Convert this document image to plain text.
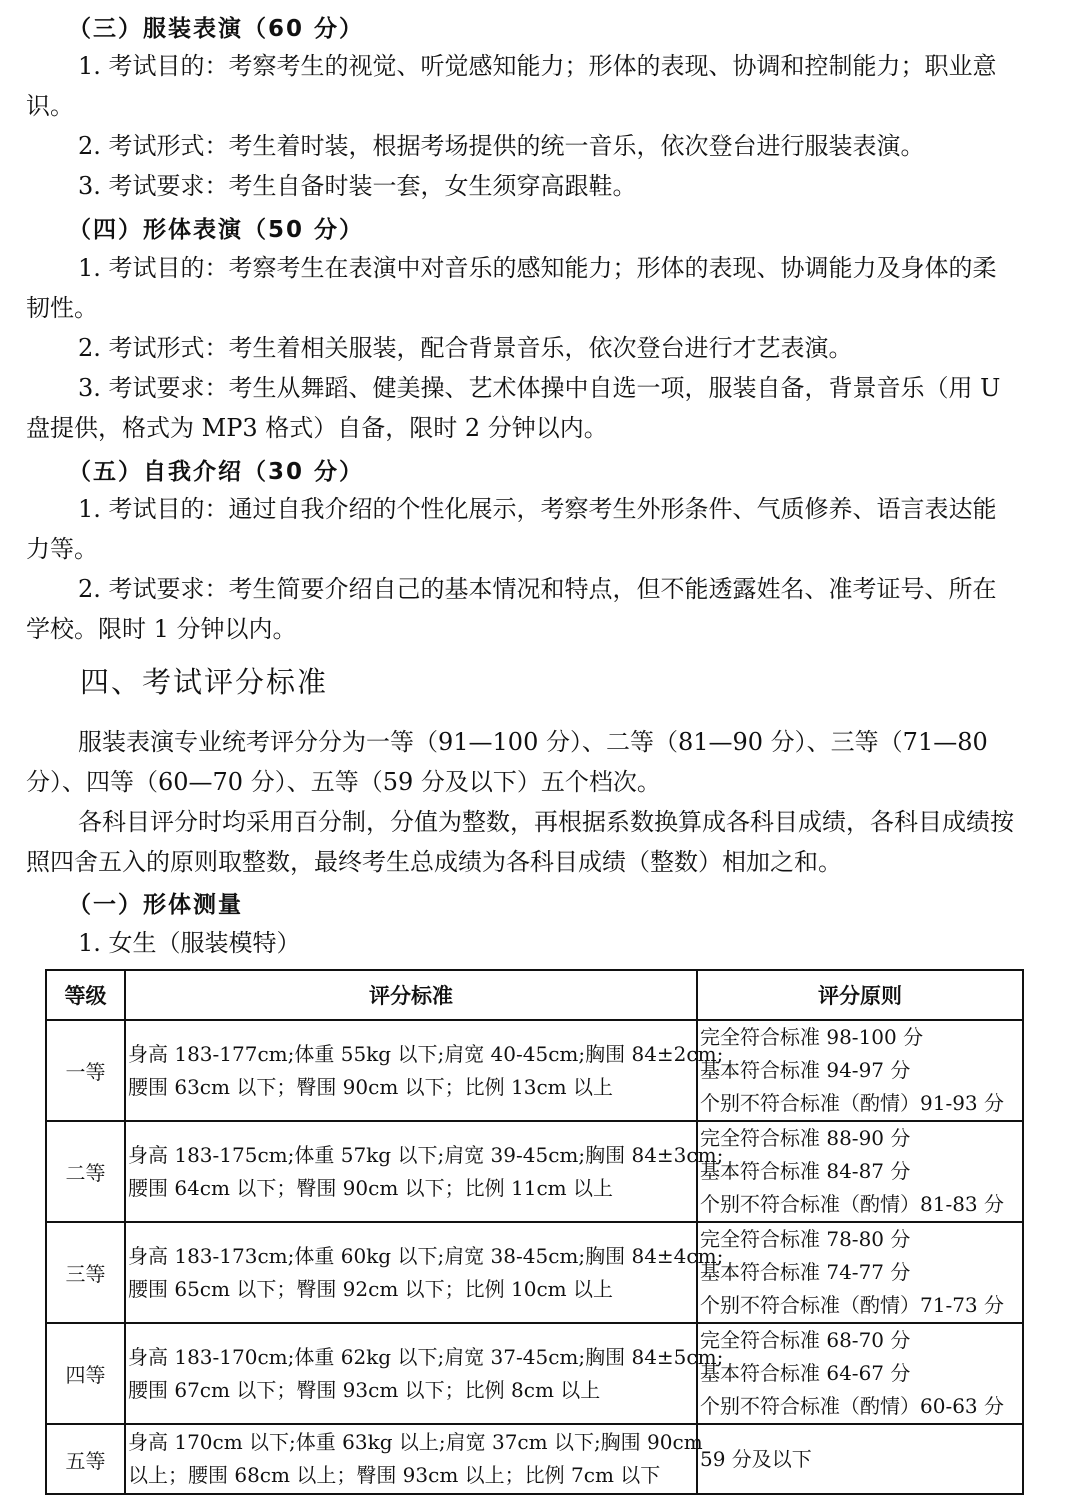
（三）服装表演（60 分）

1. 考试目的：考察考生的视觉、听觉感知能力；形体的表现、协调和控制能力；职业意识。

2. 考试形式：考生着时装，根据考场提供的统一音乐，依次登台进行服装表演。

3. 考试要求：考生自备时装一套，女生须穿高跟鞋。

（四）形体表演（50 分）

1. 考试目的：考察考生在表演中对音乐的感知能力；形体的表现、协调能力及身体的柔韧性。

2. 考试形式：考生着相关服装，配合背景音乐，依次登台进行才艺表演。

3. 考试要求：考生从舞蹈、健美操、艺术体操中自选一项，服装自备，背景音乐（用 U 盘提供，格式为 MP3 格式）自备，限时 2 分钟以内。

（五）自我介绍（30 分）

1. 考试目的：通过自我介绍的个性化展示，考察考生外形条件、气质修养、语言表达能力等。

2. 考试要求：考生简要介绍自己的基本情况和特点，但不能透露姓名、准考证号、所在学校。限时 1 分钟以内。

四、考试评分标准

服装表演专业统考评分分为一等（91—100 分）、二等（81—90 分）、三等（71—80 分）、四等（60—70 分）、五等（59 分及以下）五个档次。

各科目评分时均采用百分制，分值为整数，再根据系数换算成各科目成绩，各科目成绩按照四舍五入的原则取整数，最终考生总成绩为各科目成绩（整数）相加之和。

（一）形体测量

1. 女生（服装模特）

等级	评分标准	评分原则
一等	身高 183-177cm;体重 55kg 以下;肩宽 40-45cm;胸围 84±2cm;
腰围 63cm 以下；臀围 90cm 以下；比例 13cm 以上	完全符合标准 98-100 分
基本符合标准 94-97 分
个别不符合标准（酌情）91-93 分

二等	身高 183-175cm;体重 57kg 以下;肩宽 39-45cm;胸围 84±3cm;
腰围 64cm 以下；臀围 90cm 以下；比例 11cm 以上	完全符合标准 88-90 分
基本符合标准 84-87 分
个别不符合标准（酌情）81-83 分

三等	身高 183-173cm;体重 60kg 以下;肩宽 38-45cm;胸围 84±4cm;
腰围 65cm 以下；臀围 92cm 以下；比例 10cm 以上	完全符合标准 78-80 分
基本符合标准 74-77 分
个别不符合标准（酌情）71-73 分

四等	身高 183-170cm;体重 62kg 以下;肩宽 37-45cm;胸围 84±5cm;
腰围 67cm 以下；臀围 93cm 以下；比例 8cm 以上	完全符合标准 68-70 分
基本符合标准 64-67 分
个别不符合标准（酌情）60-63 分

五等	身高 170cm 以下;体重 63kg 以上;肩宽 37cm 以下;胸围 90cm
以上；腰围 68cm 以上；臀围 93cm 以上；比例 7cm 以下	59 分及以下
